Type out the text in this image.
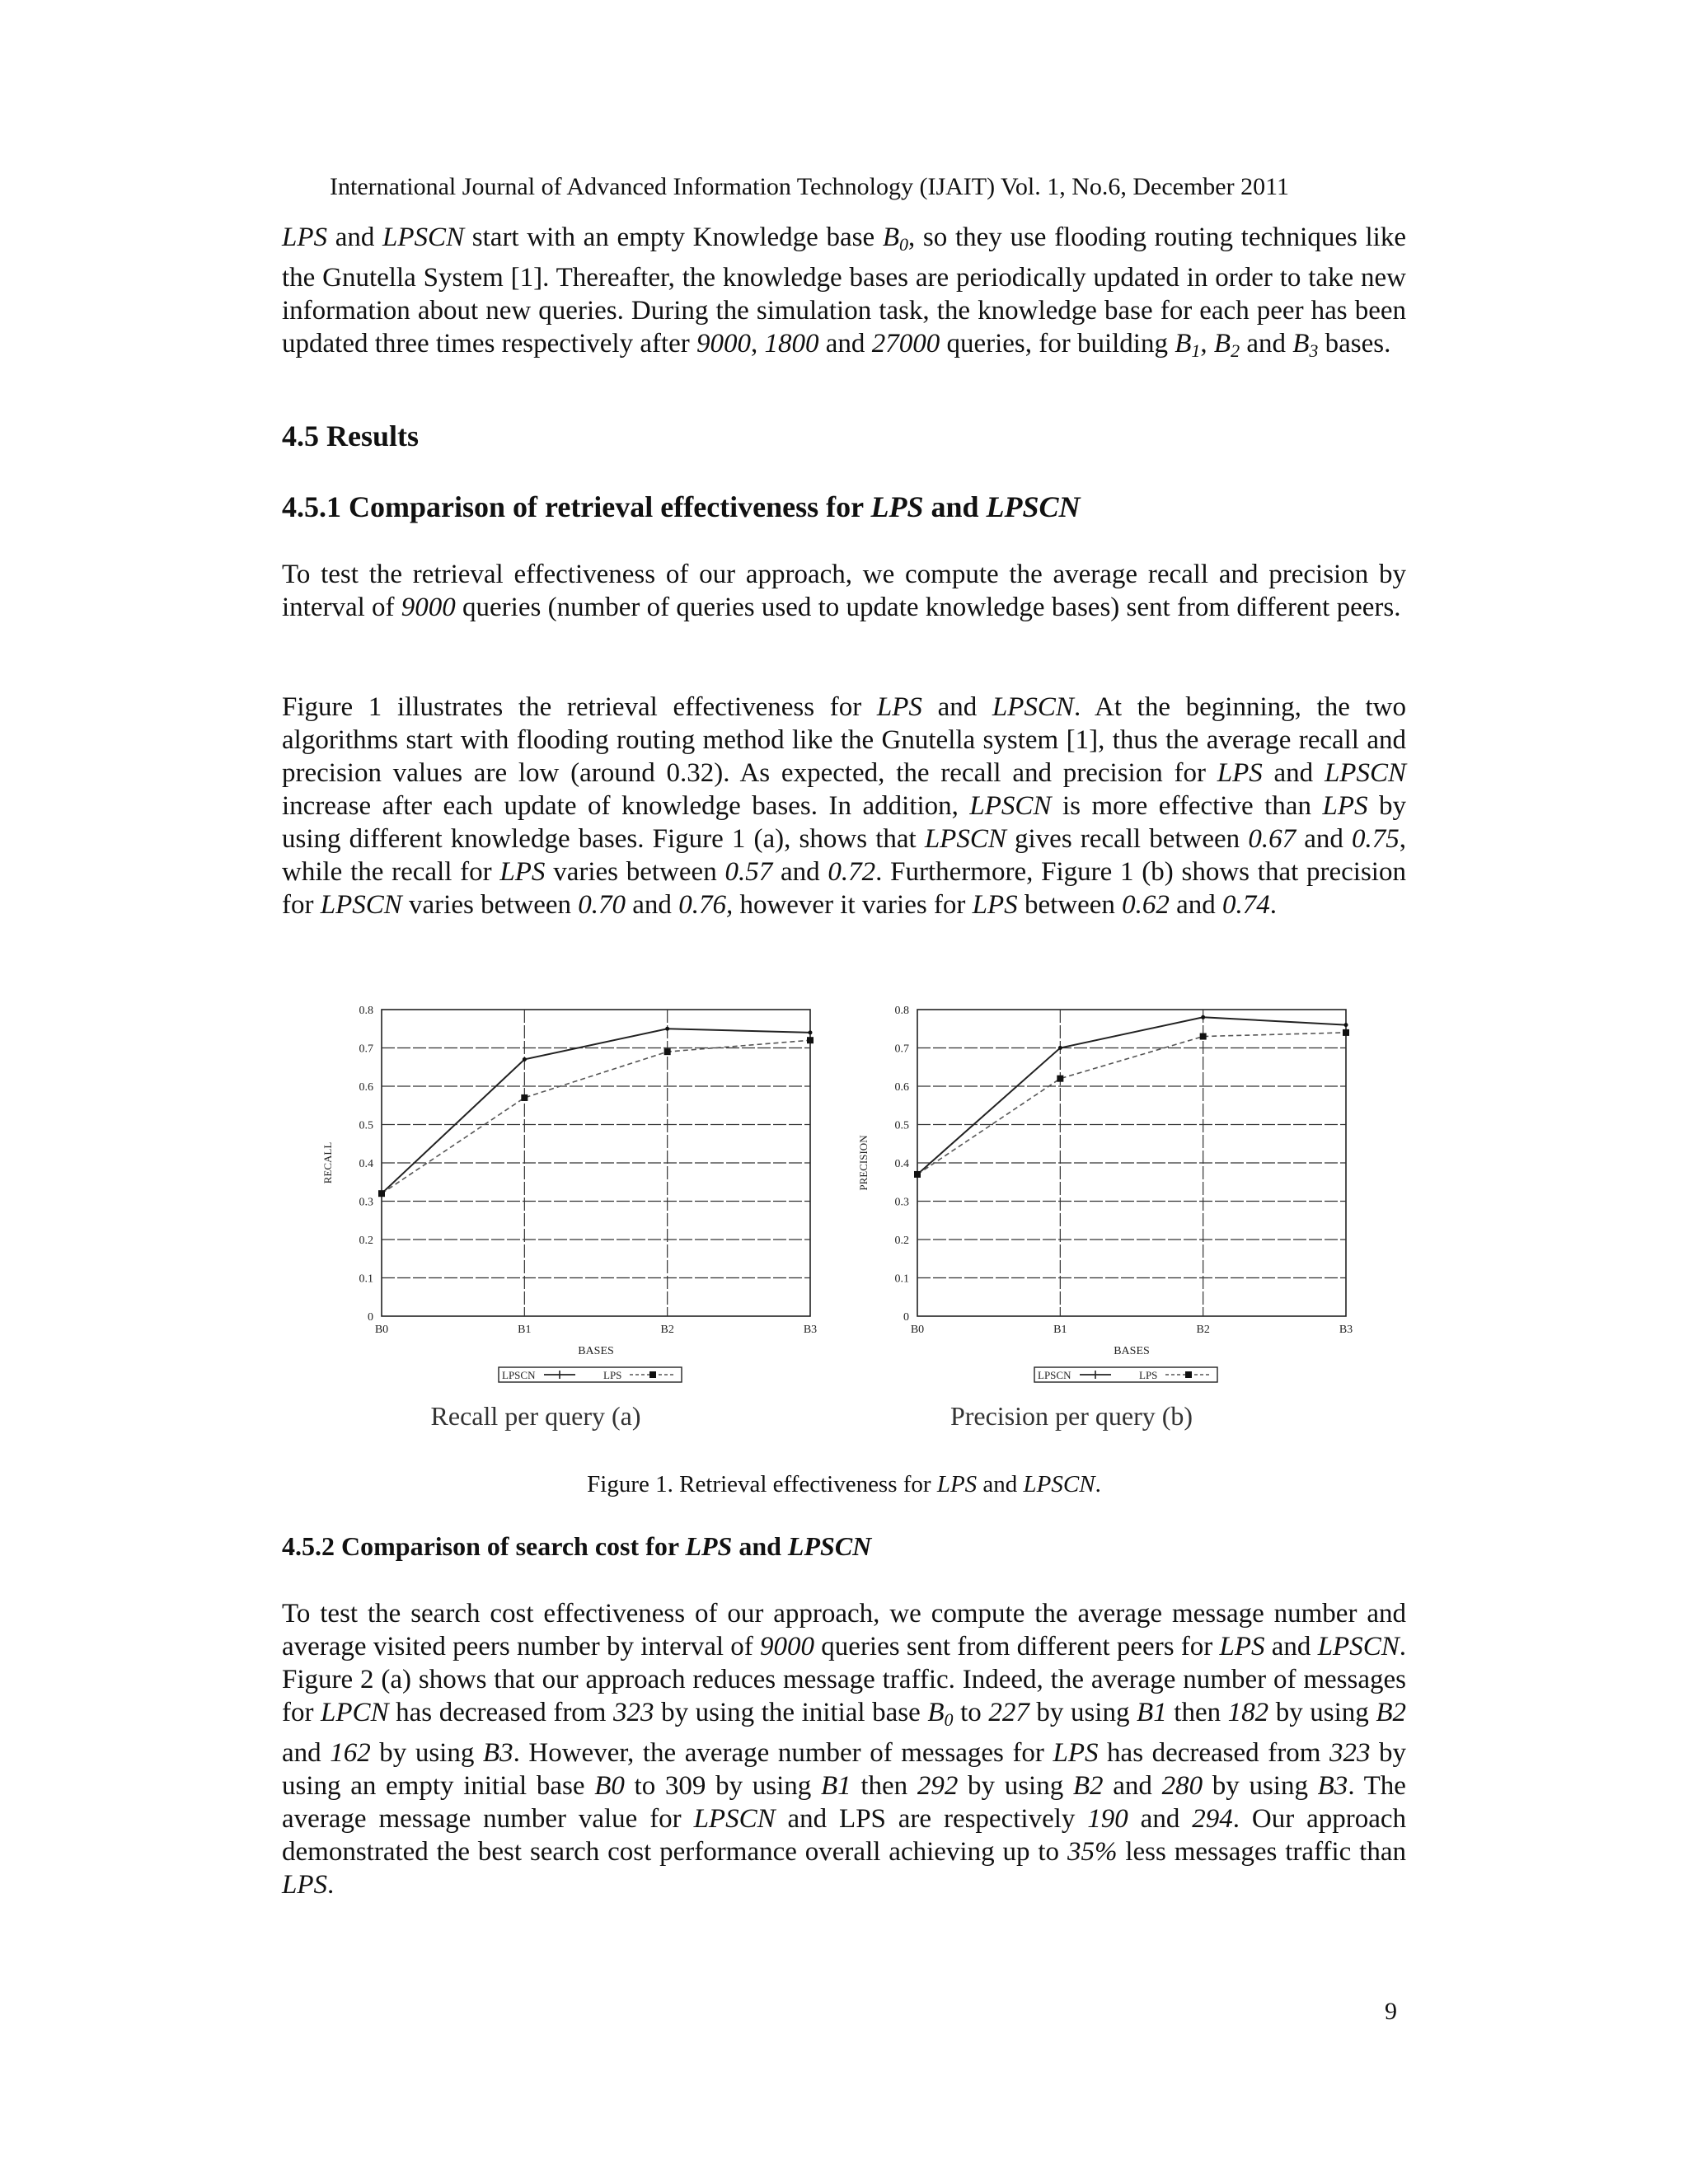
International Journal of Advanced Information Technology (IJAIT) Vol. 1, No.6, December 2011
LPS and LPSCN start with an empty Knowledge base $B_0$, so they use flooding routing techniques like the Gnutella System [1]. Thereafter, the knowledge bases are periodically updated in order to take new information about new queries. During the simulation task, the knowledge base for each peer has been updated three times respectively after 9000, 1800 and 27000 queries, for building $B_1$, $B_2$ and $B_3$ bases.
4.5 Results
4.5.1 Comparison of retrieval effectiveness for LPS and LPSCN
To test the retrieval effectiveness of our approach, we compute the average recall and precision by interval of 9000 queries (number of queries used to update knowledge bases) sent from different peers.
Figure 1 illustrates the retrieval effectiveness for LPS and LPSCN. At the beginning, the two algorithms start with flooding routing method like the Gnutella system [1], thus the average recall and precision values are low (around 0.32). As expected, the recall and precision for LPS and LPSCN increase after each update of knowledge bases. In addition, LPSCN is more effective than LPS by using different knowledge bases. Figure 1 (a), shows that LPSCN gives recall between 0.67 and 0.75, while the recall for LPS varies between 0.57 and 0.72. Furthermore, Figure 1 (b) shows that precision for LPSCN varies between 0.70 and 0.76, however it varies for LPS between 0.62 and 0.74.
0
0.1
0.2
0.3
0.4
0.5
0.6
0.7
0.8
B0	B1	B2	B3
BASES
RECALL
LPSCN	LPS
Recall per query (a)
0
0.1
0.2
0.3
0.4
0.5
0.6
0.7
0.8
B0	B1	B2	B3
BASES
PRECISION
LPSCN	LPS
Precision per query (b)
Figure 1. Retrieval effectiveness for LPS and LPSCN.
4.5.2 Comparison of search cost for LPS and LPSCN
To test the search cost effectiveness of our approach, we compute the average message number and average visited peers number by interval of 9000 queries sent from different peers for LPS and LPSCN. Figure 2 (a) shows that our approach reduces message traffic. Indeed, the average number of messages for LPCN has decreased from 323 by using the initial base $B_0$ to 227 by using B1 then 182 by using B2 and 162 by using B3. However, the average number of messages for LPS has decreased from 323 by using an empty initial base B0 to 309 by using B1 then 292 by using B2 and 280 by using B3. The average message number value for LPSCN and LPS are respectively 190 and 294. Our approach demonstrated the best search cost performance overall achieving up to 35% less messages traffic than LPS.
9
